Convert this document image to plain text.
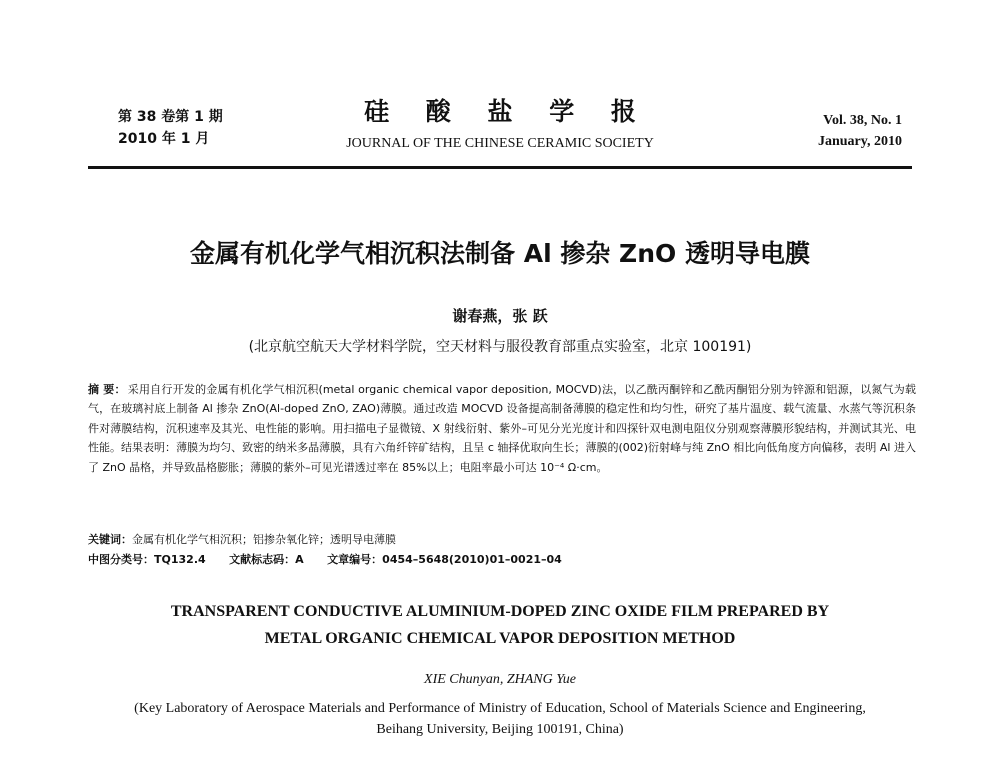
第 38 卷第 1 期
2010 年 1 月
硅 酸 盐 学 报
JOURNAL OF THE CHINESE CERAMIC SOCIETY
Vol. 38, No. 1
January, 2010
金属有机化学气相沉积法制备 Al 掺杂 ZnO 透明导电膜
谢春燕，张 跃
(北京航空航天大学材料学院，空天材料与服役教育部重点实验室，北京 100191)
摘 要： 采用自行开发的金属有机化学气相沉积(metal organic chemical vapor deposition, MOCVD)法，以乙酰丙酮锌和乙酰丙酮铝分别为锌源和铝源，以氮气为载气，在玻璃衬底上制备 Al 掺杂 ZnO(Al-doped ZnO, ZAO)薄膜。通过改造 MOCVD 设备提高制备薄膜的稳定性和均匀性，研究了基片温度、载气流量、水蒸气等沉积条件对薄膜结构，沉积速率及其光、电性能的影响。用扫描电子显微镜、X 射线衍射、紫外–可见分光光度计和四探针双电测电阻仪分别观察薄膜形貌结构，并测试其光、电性能。结果表明：薄膜为均匀、致密的纳米多晶薄膜，具有六角纤锌矿结构，且呈 c 轴择优取向生长；薄膜的(002)衍射峰与纯 ZnO 相比向低角度方向偏移，表明 Al 进入了 ZnO 晶格，并导致晶格膨胀；薄膜的紫外–可见光谱透过率在 85%以上；电阻率最小可达 10⁻⁴ Ω·cm。
关键词：金属有机化学气相沉积；铝掺杂氧化锌；透明导电薄膜
中图分类号：TQ132.4 文献标志码：A 文章编号：0454–5648(2010)01–0021–04
TRANSPARENT CONDUCTIVE ALUMINIUM-DOPED ZINC OXIDE FILM PREPARED BY
METAL ORGANIC CHEMICAL VAPOR DEPOSITION METHOD
XIE Chunyan, ZHANG Yue
(Key Laboratory of Aerospace Materials and Performance of Ministry of Education, School of Materials Science and Engineering, Beihang University, Beijing 100191, China)
